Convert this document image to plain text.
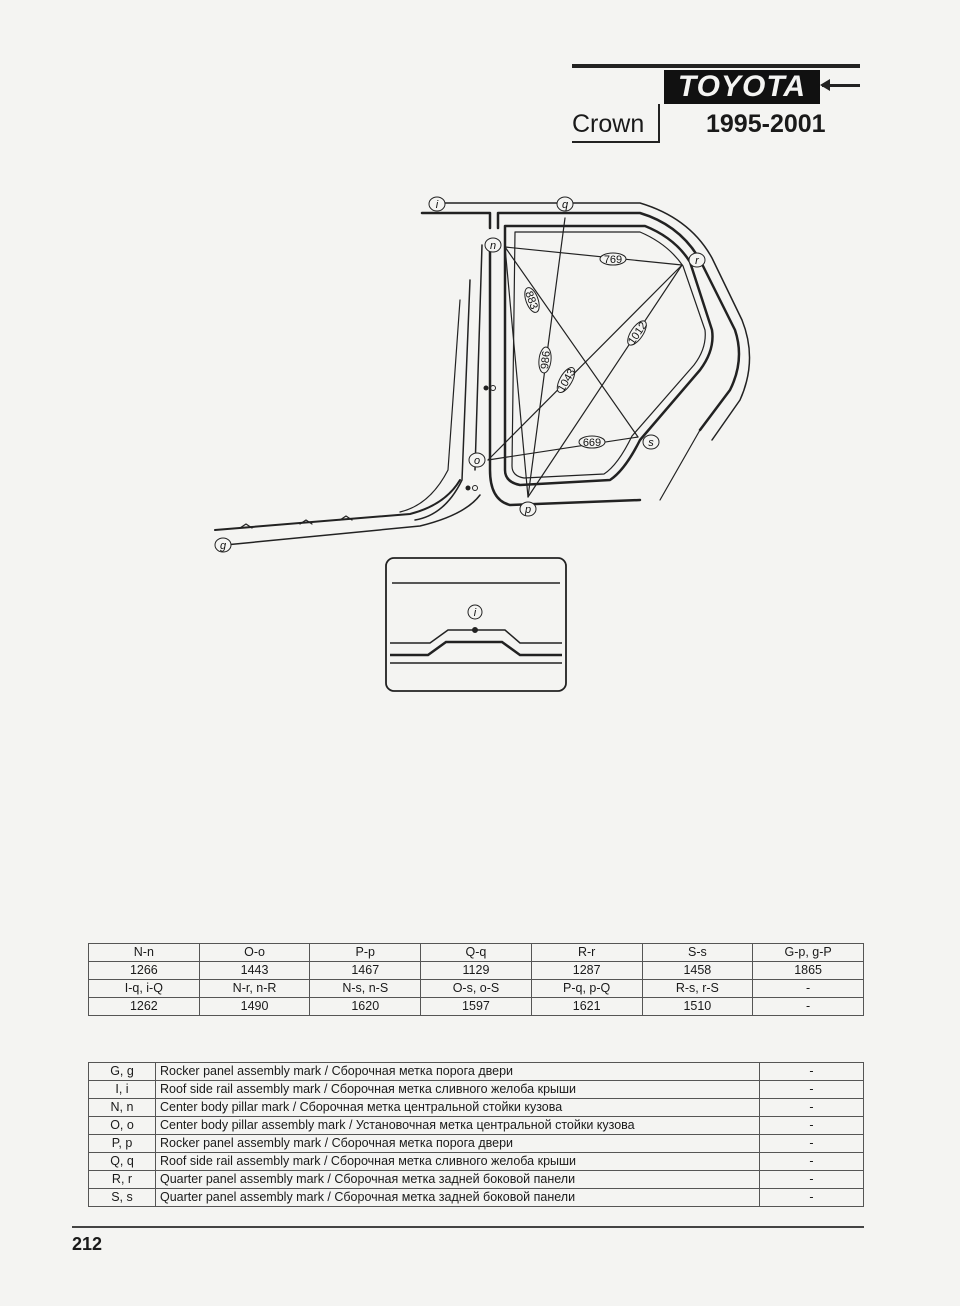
TOYOTA
Crown 1995-2001
i	q
n
r
o
s
p
g
769
883
986
1043
1012
669
i
N-n	O-o	P-p	Q-q	R-r	S-s	G-p, g-P
1266	1443	1467	1129	1287	1458	1865
I-q, i-Q	N-r, n-R	N-s, n-S	O-s, o-S	P-q, p-Q	R-s, r-S	-
1262	1490	1620	1597	1621	1510	-
G, g	Rocker panel assembly mark / Сборочная метка порога двери	-
I, i	Roof side rail assembly mark / Сборочная метка сливного желоба крыши	-
N, n	Center body pillar mark / Сборочная метка центральной стойки кузова	-
O, o	Center body pillar assembly mark / Установочная метка центральной стойки кузова	-
P, p	Rocker panel assembly mark / Сборочная метка порога двери	-
Q, q	Roof side rail assembly mark / Сборочная метка сливного желоба крыши	-
R, r	Quarter panel assembly mark / Сборочная метка задней боковой панели	-
S, s	Quarter panel assembly mark / Сборочная метка задней боковой панели	-
212
